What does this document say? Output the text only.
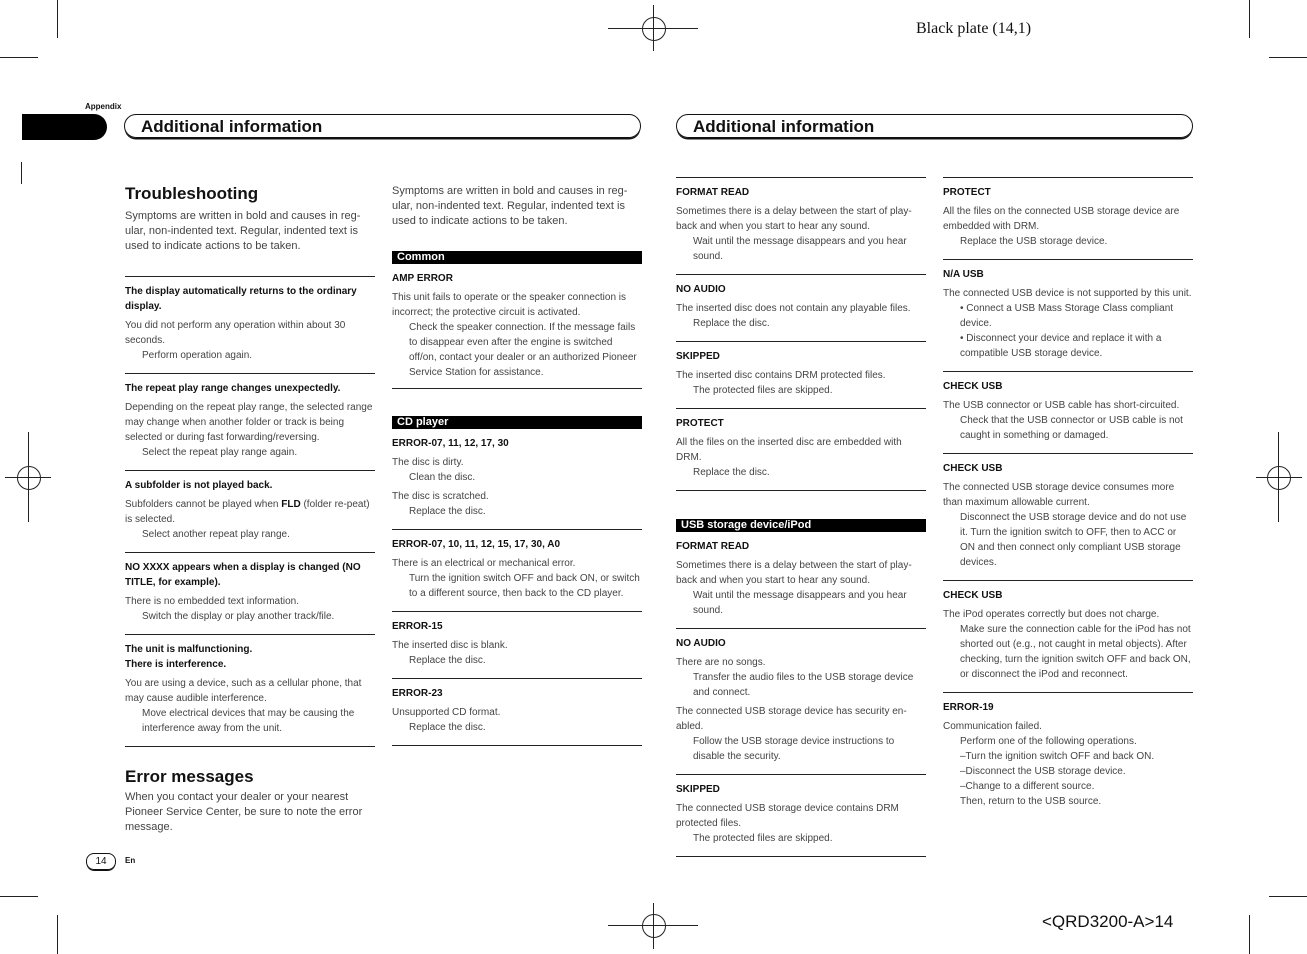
Black plate (14,1)
<QRD3200-A>14
Appendix
Additional information	Additional information
Troubleshooting
Symptoms are written in bold and causes in reg-ular, non-indented text. Regular, indented text is used to indicate actions to be taken.
The display automatically returns to the ordinary display.
You did not perform any operation within about 30 seconds.
Perform operation again.
The repeat play range changes unexpectedly.
Depending on the repeat play range, the selected range may change when another folder or track is being selected or during fast forwarding/reversing.
Select the repeat play range again.
A subfolder is not played back.
Subfolders cannot be played when FLD (folder re-peat) is selected.
Select another repeat play range.
NO XXXX appears when a display is changed (NO TITLE, for example).
There is no embedded text information.
Switch the display or play another track/file.
The unit is malfunctioning.
There is interference.
You are using a device, such as a cellular phone, that may cause audible interference.
Move electrical devices that may be causing the interference away from the unit.
Error messages
When you contact your dealer or your nearest Pioneer Service Center, be sure to note the error message.
Symptoms are written in bold and causes in reg-ular, non-indented text. Regular, indented text is used to indicate actions to be taken.
Common
AMP ERROR
This unit fails to operate or the speaker connection is incorrect; the protective circuit is activated.
Check the speaker connection. If the message fails to disappear even after the engine is switched off/on, contact your dealer or an authorized Pioneer Service Station for assistance.
CD player
ERROR-07, 11, 12, 17, 30
The disc is dirty.
Clean the disc.
The disc is scratched.
Replace the disc.
ERROR-07, 10, 11, 12, 15, 17, 30, A0
There is an electrical or mechanical error.
Turn the ignition switch OFF and back ON, or switch to a different source, then back to the CD player.
ERROR-15
The inserted disc is blank.
Replace the disc.
ERROR-23
Unsupported CD format.
Replace the disc.
FORMAT READ
Sometimes there is a delay between the start of play-back and when you start to hear any sound.
Wait until the message disappears and you hear sound.
NO AUDIO
The inserted disc does not contain any playable files.
Replace the disc.
SKIPPED
The inserted disc contains DRM protected files.
The protected files are skipped.
PROTECT
All the files on the inserted disc are embedded with DRM.
Replace the disc.
USB storage device/iPod
FORMAT READ
Sometimes there is a delay between the start of play-back and when you start to hear any sound.
Wait until the message disappears and you hear sound.
NO AUDIO
There are no songs.
Transfer the audio files to the USB storage device and connect.
The connected USB storage device has security en-abled.
Follow the USB storage device instructions to disable the security.
SKIPPED
The connected USB storage device contains DRM protected files.
The protected files are skipped.
PROTECT
All the files on the connected USB storage device are embedded with DRM.
Replace the USB storage device.
N/A USB
The connected USB device is not supported by this unit.
• Connect a USB Mass Storage Class compliant device.
• Disconnect your device and replace it with a compatible USB storage device.
CHECK USB
The USB connector or USB cable has short-circuited.
Check that the USB connector or USB cable is not caught in something or damaged.
CHECK USB
The connected USB storage device consumes more than maximum allowable current.
Disconnect the USB storage device and do not use it. Turn the ignition switch to OFF, then to ACC or ON and then connect only compliant USB storage devices.
CHECK USB
The iPod operates correctly but does not charge.
Make sure the connection cable for the iPod has not shorted out (e.g., not caught in metal objects). After checking, turn the ignition switch OFF and back ON, or disconnect the iPod and reconnect.
ERROR-19
Communication failed.
Perform one of the following operations.
–Turn the ignition switch OFF and back ON.
–Disconnect the USB storage device.
–Change to a different source.
Then, return to the USB source.
14	En
